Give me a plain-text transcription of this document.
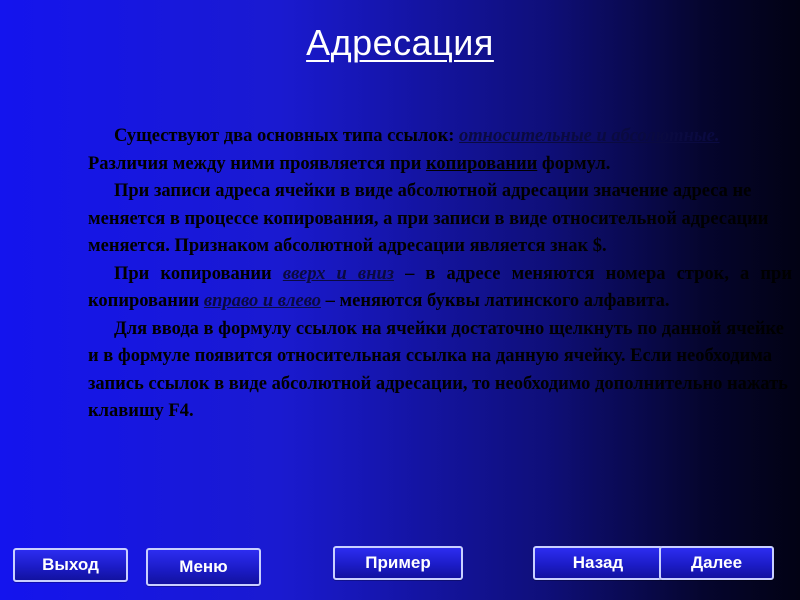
Адресация

Существуют два основных типа ссылок: относительные и абсолютные. Различия между ними проявляется при копировании формул.

При записи адреса ячейки в виде абсолютной адресации значение адреса не меняется в процессе копирования, а при записи в виде относительной адресации меняется. Признаком абсолютной адресации является знак $.

При копировании вверх и вниз – в адресе меняются номера строк, а при копировании вправо и влево – меняются буквы латинского алфавита.

Для ввода в формулу ссылок на ячейки достаточно щелкнуть по данной ячейке и в формуле появится относительная ссылка на данную ячейку. Если необходима запись ссылок в виде абсолютной адресации, то необходимо дополнительно нажать клавишу F4.

Выход	Меню	Пример	Назад	Далее
